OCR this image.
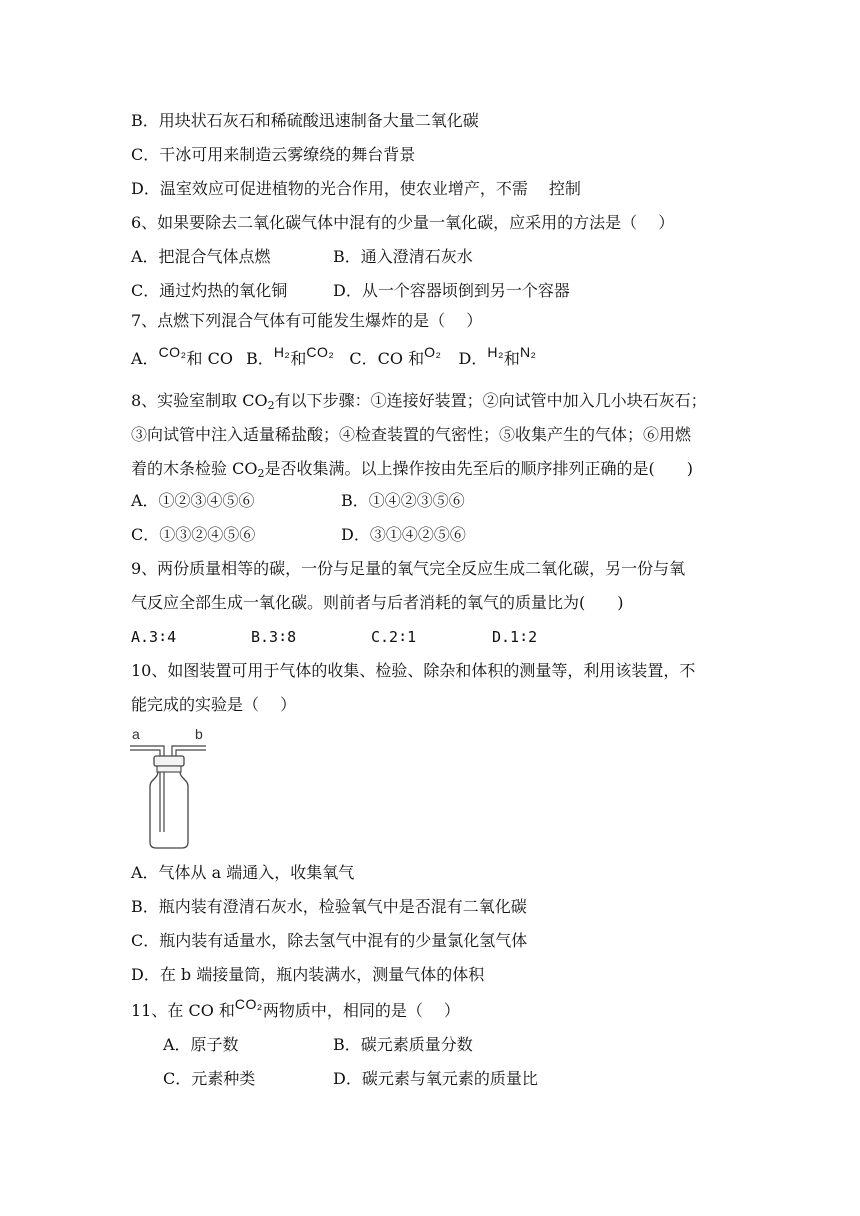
B．用块状石灰石和稀硫酸迅速制备大量二氧化碳
C．干冰可用来制造云雾缭绕的舞台背景
D．温室效应可促进植物的光合作用，使农业增产，不需　 控制
6、如果要除去二氧化碳气体中混有的少量一氧化碳，应采用的方法是（　 ）
A．把混合气体点燃	B．通入澄清石灰水
C．通过灼热的氧化铜	D．从一个容器顷倒到另一个容器
7、点燃下列混合气体有可能发生爆炸的是（　 ）
A．CO₂和 CO B．H₂和CO₂ C．CO 和O₂ D．H₂和N₂
8、实验室制取 $CO_2$有以下步骤：①连接好装置；②向试管中加入几小块石灰石；
③向试管中注入适量稀盐酸；④检查装置的气密性；⑤收集产生的气体；⑥用燃
着的木条检验 $CO_2$是否收集满。以上操作按由先至后的顺序排列正确的是(　　)
A．①②③④⑤⑥	B．①④②③⑤⑥
C．①③②④⑤⑥	D．③①④②⑤⑥
9、两份质量相等的碳，一份与足量的氧气完全反应生成二氧化碳，另一份与氧
气反应全部生成一氧化碳。则前者与后者消耗的氧气的质量比为(　　)
A.3∶4	B.3∶8	C.2∶1	D.1∶2
10、如图装置可用于气体的收集、检验、除杂和体积的测量等，利用该装置，不
能完成的实验是（　 ）
a	b
A．气体从 a 端通入，收集氧气
B．瓶内装有澄清石灰水，检验氧气中是否混有二氧化碳
C．瓶内装有适量水，除去氢气中混有的少量氯化氢气体
D．在 b 端接量筒，瓶内装满水，测量气体的体积
11、在 CO 和CO₂两物质中，相同的是（　 ）
A．原子数	B．碳元素质量分数
C．元素种类	D．碳元素与氧元素的质量比
